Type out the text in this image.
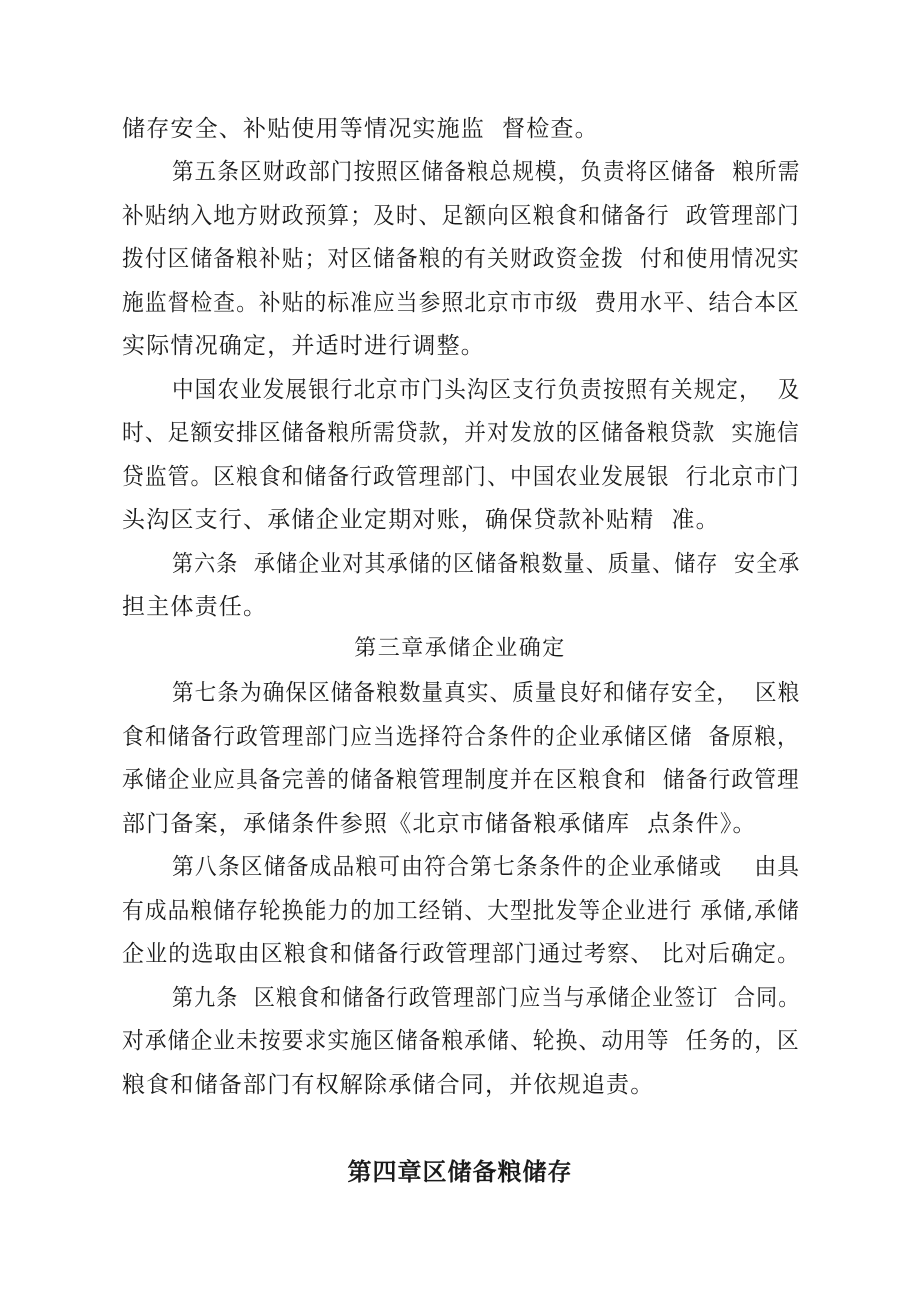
储存安全、补贴使用等情况实施监  督检查。
第五条区财政部门按照区储备粮总规模，负责将区储备  粮所需
补贴纳入地方财政预算；及时、足额向区粮食和储备行  政管理部门
拨付区储备粮补贴；对区储备粮的有关财政资金拨  付和使用情况实
施监督检查。补贴的标准应当参照北京市市级  费用水平、结合本区
实际情况确定，并适时进行调整。
中国农业发展银行北京市门头沟区支行负责按照有关规定，  及
时、足额安排区储备粮所需贷款，并对发放的区储备粮贷款  实施信
贷监管。区粮食和储备行政管理部门、中国农业发展银  行北京市门
头沟区支行、承储企业定期对账，确保贷款补贴精  准。
第六条  承储企业对其承储的区储备粮数量、质量、储存  安全承
担主体责任。
第三章承储企业确定
第七条为确保区储备粮数量真实、质量良好和储存安全，  区粮
食和储备行政管理部门应当选择符合条件的企业承储区储  备原粮，
承储企业应具备完善的储备粮管理制度并在区粮食和  储备行政管理
部门备案，承储条件参照《北京市储备粮承储库  点条件》。
第八条区储备成品粮可由符合第七条条件的企业承储或    由具
有成品粮储存轮换能力的加工经销、大型批发等企业进行 承储,承储
企业的选取由区粮食和储备行政管理部门通过考察、 比对后确定。
第九条  区粮食和储备行政管理部门应当与承储企业签订  合同。
对承储企业未按要求实施区储备粮承储、轮换、动用等  任务的，区
粮食和储备部门有权解除承储合同，并依规追责。
第四章区储备粮储存
